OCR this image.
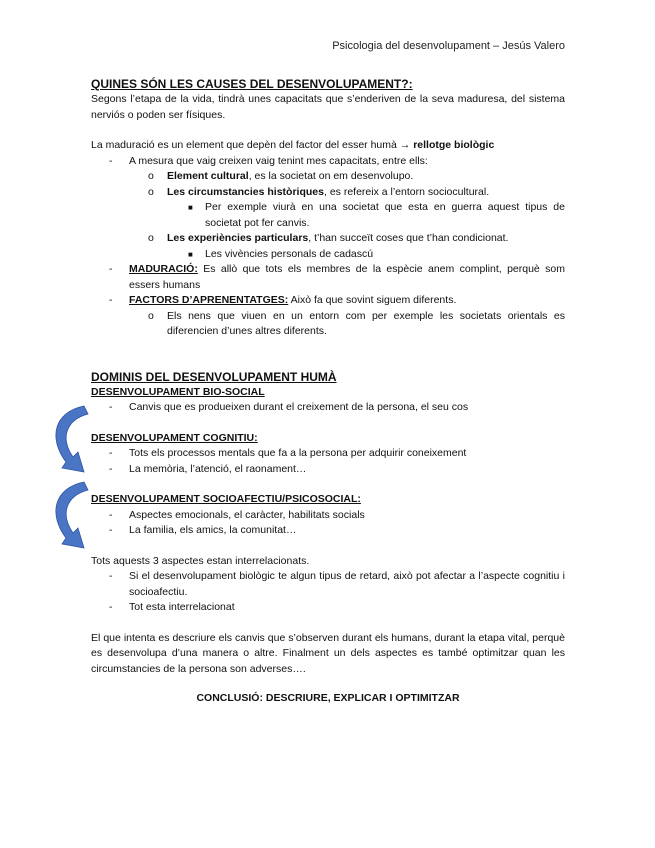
Psicologia del desenvolupament – Jesús Valero
QUINES SÓN LES CAUSES DEL DESENVOLUPAMENT?:

Segons l’etapa de la vida, tindrà unes capacitats que s’enderiven de la seva maduresa, del sistema nerviós o poden ser físiques.

La maduració es un element que depèn del factor del esser humà → rellotge biològic

- A mesura que vaig creixen vaig tenint mes capacitats, entre ells:
o Element cultural, es la societat on em desenvolupo.
o Les circumstancies històriques, es refereix a l’entorn sociocultural.
■ Per exemple viurà en una societat que esta en guerra aquest tipus de societat pot fer canvis.
o Les experiències particulars, t’han succeït coses que t’han condicionat.
■ Les vivències personals de cadascú
- MADURACIÓ: Es allò que tots els membres de la espècie anem complint, perquè som essers humans
- FACTORS D’APRENENTATGES: Això fa que sovint siguem diferents.
o Els nens que viuen en un entorn com per exemple les societats orientals es diferencien d’unes altres diferents.
DOMINIS DEL DESENVOLUPAMENT HUMÀ
DESENVOLUPAMENT BIO-SOCIAL
- Canvis que es produeixen durant el creixement de la persona, el seu cos
DESENVOLUPAMENT COGNITIU:
- Tots els processos mentals que fa a la persona per adquirir coneixement
- La memòria, l’atenció, el raonament…
DESENVOLUPAMENT SOCIOAFECTIU/PSICOSOCIAL:
- Aspectes emocionals, el caràcter, habilitats socials
- La familia, els amics, la comunitat…

Tots aquests 3 aspectes estan interrelacionats.

- Si el desenvolupament biològic te algun tipus de retard, això pot afectar a l’aspecte cognitiu i socioafectiu.
- Tot esta interrelacionat

El que intenta es descriure els canvis que s’observen durant els humans, durant la etapa vital, perquè es desenvolupa d’una manera o altre. Finalment un dels aspectes es també optimitzar quan les circumstancies de la persona son adverses….

CONCLUSIÓ: DESCRIURE, EXPLICAR I OPTIMITZAR
